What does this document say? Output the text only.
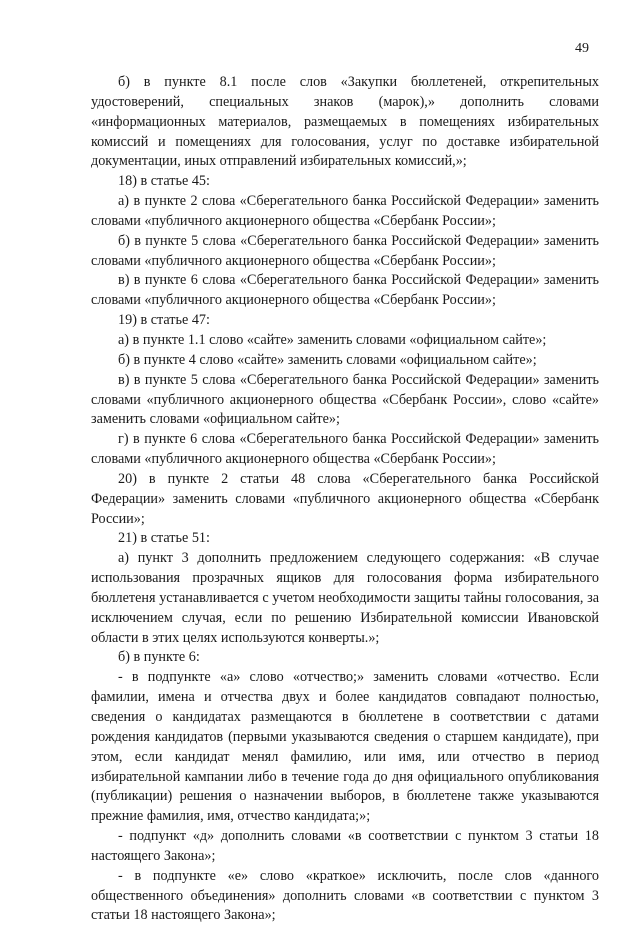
49

б) в пункте 8.1 после слов «Закупки бюллетеней, открепительных удостоверений, специальных знаков (марок),» дополнить словами «информационных материалов, размещаемых в помещениях избирательных комиссий и помещениях для голосования, услуг по доставке избирательной документации, иных отправлений избирательных комиссий,»;

18) в статье 45:

а) в пункте 2 слова «Сберегательного банка Российской Федерации» заменить словами «публичного акционерного общества «Сбербанк России»;

б) в пункте 5 слова «Сберегательного банка Российской Федерации» заменить словами «публичного акционерного общества «Сбербанк России»;

в) в пункте 6 слова «Сберегательного банка Российской Федерации» заменить словами «публичного акционерного общества «Сбербанк России»;

19) в статье 47:

а) в пункте 1.1 слово «сайте» заменить словами «официальном сайте»;

б) в пункте 4 слово «сайте» заменить словами «официальном сайте»;

в) в пункте 5 слова «Сберегательного банка Российской Федерации» заменить словами «публичного акционерного общества «Сбербанк России», слово «сайте» заменить словами «официальном сайте»;

г) в пункте 6 слова «Сберегательного банка Российской Федерации» заменить словами «публичного акционерного общества «Сбербанк России»;

20) в пункте 2 статьи 48 слова «Сберегательного банка Российской Федерации» заменить словами «публичного акционерного общества «Сбербанк России»;

21) в статье 51:

а) пункт 3 дополнить предложением следующего содержания: «В случае использования прозрачных ящиков для голосования форма избирательного бюллетеня устанавливается с учетом необходимости защиты тайны голосования, за исключением случая, если по решению Избирательной комиссии Ивановской области в этих целях используются конверты.»;

б) в пункте 6:

- в подпункте «а» слово «отчество;» заменить словами «отчество. Если фамилии, имена и отчества двух и более кандидатов совпадают полностью, сведения о кандидатах размещаются в бюллетене в соответствии с датами рождения кандидатов (первыми указываются сведения о старшем кандидате), при этом, если кандидат менял фамилию, или имя, или отчество в период избирательной кампании либо в течение года до дня официального опубликования (публикации) решения о назначении выборов, в бюллетене также указываются прежние фамилия, имя, отчество кандидата;»;

- подпункт «д» дополнить словами «в соответствии с пунктом 3 статьи 18 настоящего Закона»;

- в подпункте «е» слово «краткое» исключить, после слов «данного общественного объединения» дополнить словами «в соответствии с пунктом 3 статьи 18 настоящего Закона»;
